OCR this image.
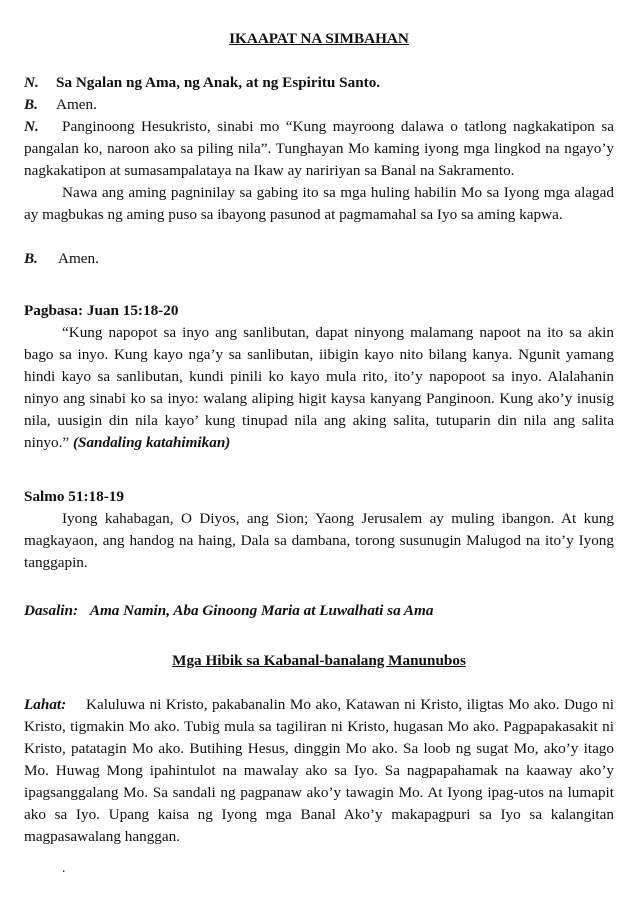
IKAAPAT NA SIMBAHAN
N. Sa Ngalan ng Ama, ng Anak, at ng Espiritu Santo.
B. Amen.
N. Panginoong Hesukristo, sinabi mo “Kung mayroong dalawa o tatlong nagkakatipon sa pangalan ko, naroon ako sa piling nila”. Tunghayan Mo kaming iyong mga lingkod na ngayo’y nagkakatipon at sumasampalataya na Ikaw ay naririyan sa Banal na Sakramento.
Nawa ang aming pagninilay sa gabing ito sa mga huling habilin Mo sa Iyong mga alagad ay magbukas ng aming puso sa ibayong pasunod at pagmamahal sa Iyo sa aming kapwa.
B. Amen.
Pagbasa: Juan 15:18-20
“Kung napopot sa inyo ang sanlibutan, dapat ninyong malamang napoot na ito sa akin bago sa inyo. Kung kayo nga’y sa sanlibutan, iibigin kayo nito bilang kanya. Ngunit yamang hindi kayo sa sanlibutan, kundi pinili ko kayo mula rito, ito’y napopoot sa inyo. Alalahanin ninyo ang sinabi ko sa inyo: walang aliping higit kaysa kanyang Panginoon. Kung ako’y inusig nila, uusigin din nila kayo’ kung tinupad nila ang aking salita, tutuparin din nila ang salita ninyo.” (Sandaling katahimikan)
Salmo 51:18-19
Iyong kahabagan, O Diyos, ang Sion; Yaong Jerusalem ay muling ibangon. At kung magkayaon, ang handog na haing, Dala sa dambana, torong susunugin Malugod na ito’y Iyong tanggapin.
Dasalin: Ama Namin, Aba Ginoong Maria at Luwalhati sa Ama
Mga Hibik sa Kabanal-banalang Manunubos
Lahat: Kaluluwa ni Kristo, pakabanalin Mo ako, Katawan ni Kristo, iligtas Mo ako. Dugo ni Kristo, tigmakin Mo ako. Tubig mula sa tagiliran ni Kristo, hugasan Mo ako. Pagpapakasakit ni Kristo, patatagin Mo ako. Butihing Hesus, dinggin Mo ako. Sa loob ng sugat Mo, ako’y itago Mo. Huwag Mong ipahintulot na mawalay ako sa Iyo. Sa nagpapahamak na kaaway ako’y ipagsanggalang Mo. Sa sandali ng pagpanaw ako’y tawagin Mo. At Iyong ipag-utos na lumapit ako sa Iyo. Upang kaisa ng Iyong mga Banal Ako’y makapagpuri sa Iyo sa kalangitan magpasawalang hanggan.
.
